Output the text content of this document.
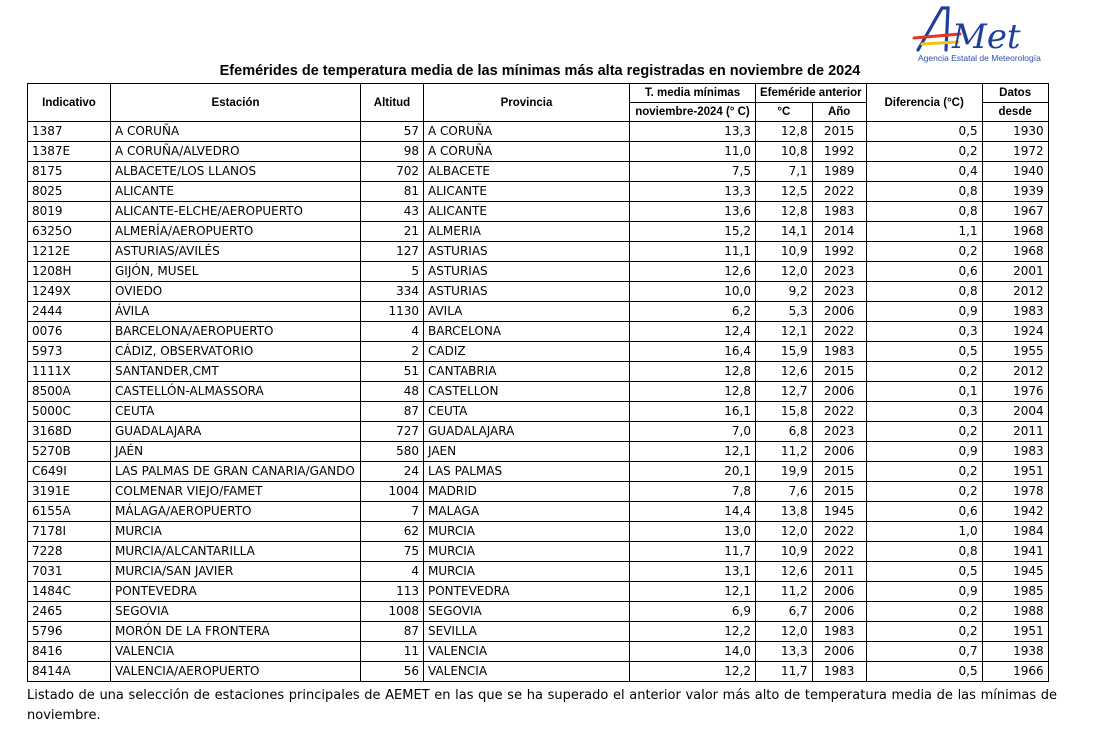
Met
Agencia Estatal de Meteorología
Efemérides de temperatura media de las mínimas más alta registradas en noviembre de 2024
Indicativo	Estación	Altitud	Provincia	T. media mínimas	Efeméride anterior		Diferencia (°C)	Datos
				noviembre-2024 (° C)	°C	Año		desde
1387	A CORUÑA	57	A CORUÑA	13,3	12,8	2015	0,5	1930
1387E	A CORUÑA/ALVEDRO	98	A CORUÑA	11,0	10,8	1992	0,2	1972
8175	ALBACETE/LOS LLANOS	702	ALBACETE	7,5	7,1	1989	0,4	1940
8025	ALICANTE	81	ALICANTE	13,3	12,5	2022	0,8	1939
8019	ALICANTE-ELCHE/AEROPUERTO	43	ALICANTE	13,6	12,8	1983	0,8	1967
6325O	ALMERÍA/AEROPUERTO	21	ALMERIA	15,2	14,1	2014	1,1	1968
1212E	ASTURIAS/AVILÉS	127	ASTURIAS	11,1	10,9	1992	0,2	1968
1208H	GIJÓN, MUSEL	5	ASTURIAS	12,6	12,0	2023	0,6	2001
1249X	OVIEDO	334	ASTURIAS	10,0	9,2	2023	0,8	2012
2444	ÁVILA	1130	AVILA	6,2	5,3	2006	0,9	1983
0076	BARCELONA/AEROPUERTO	4	BARCELONA	12,4	12,1	2022	0,3	1924
5973	CÁDIZ, OBSERVATORIO	2	CADIZ	16,4	15,9	1983	0,5	1955
1111X	SANTANDER,CMT	51	CANTABRIA	12,8	12,6	2015	0,2	2012
8500A	CASTELLÓN-ALMASSORA	48	CASTELLON	12,8	12,7	2006	0,1	1976
5000C	CEUTA	87	CEUTA	16,1	15,8	2022	0,3	2004
3168D	GUADALAJARA	727	GUADALAJARA	7,0	6,8	2023	0,2	2011
5270B	JAÉN	580	JAEN	12,1	11,2	2006	0,9	1983
C649I	LAS PALMAS DE GRAN CANARIA/GANDO	24	LAS PALMAS	20,1	19,9	2015	0,2	1951
3191E	COLMENAR VIEJO/FAMET	1004	MADRID	7,8	7,6	2015	0,2	1978
6155A	MÁLAGA/AEROPUERTO	7	MALAGA	14,4	13,8	1945	0,6	1942
7178I	MURCIA	62	MURCIA	13,0	12,0	2022	1,0	1984
7228	MURCIA/ALCANTARILLA	75	MURCIA	11,7	10,9	2022	0,8	1941
7031	MURCIA/SAN JAVIER	4	MURCIA	13,1	12,6	2011	0,5	1945
1484C	PONTEVEDRA	113	PONTEVEDRA	12,1	11,2	2006	0,9	1985
2465	SEGOVIA	1008	SEGOVIA	6,9	6,7	2006	0,2	1988
5796	MORÓN DE LA FRONTERA	87	SEVILLA	12,2	12,0	1983	0,2	1951
8416	VALENCIA	11	VALENCIA	14,0	13,3	2006	0,7	1938
8414A	VALENCIA/AEROPUERTO	56	VALENCIA	12,2	11,7	1983	0,5	1966
Listado de una selección de estaciones principales de AEMET en las que se ha superado el anterior valor más alto de temperatura media de las mínimas de noviembre.
